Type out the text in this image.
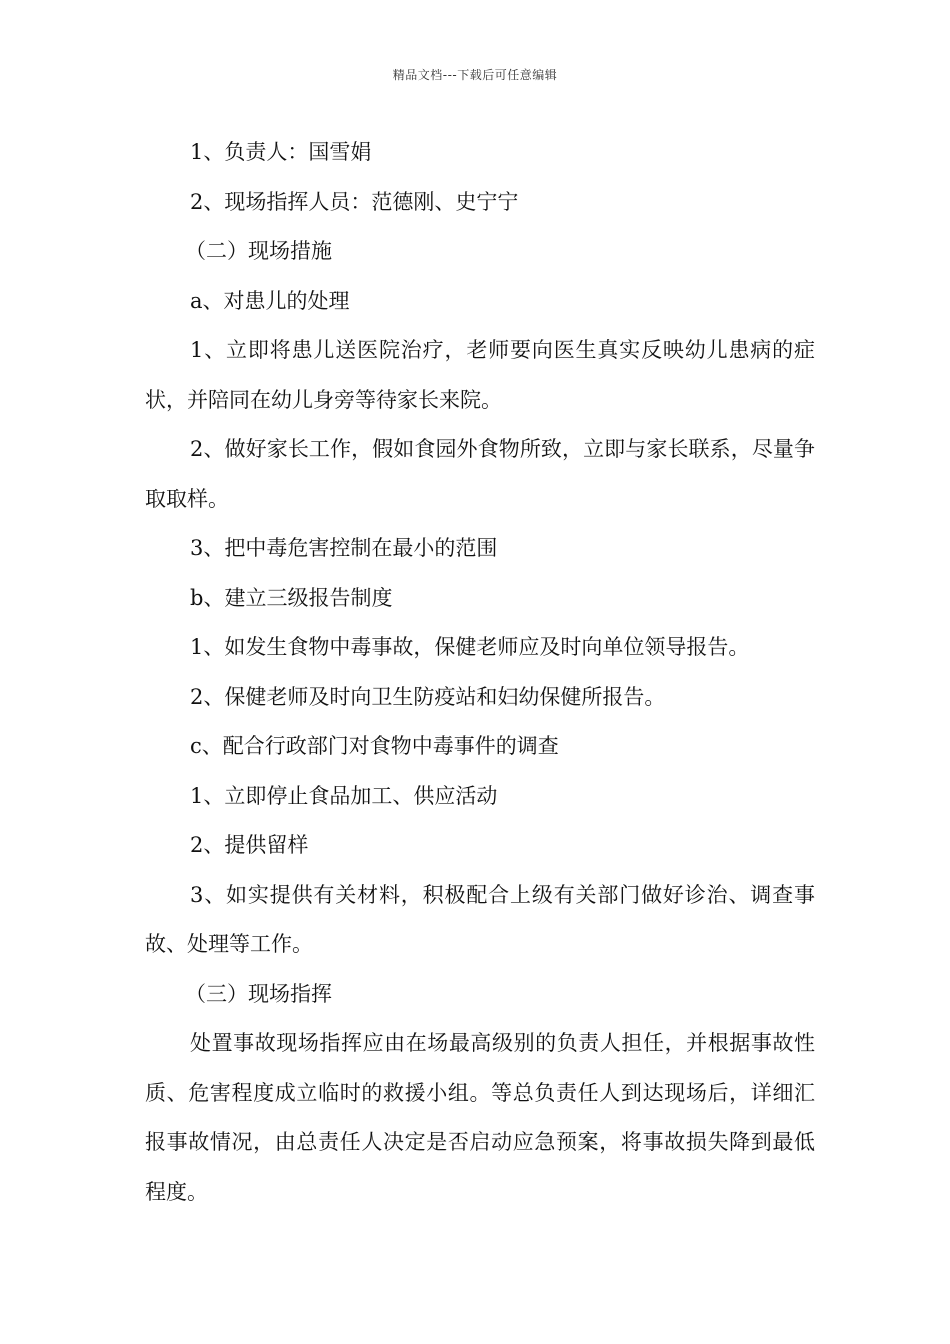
精品文档---下载后可任意编辑

1、负责人：国雪娟

2、现场指挥人员：范德刚、史宁宁

（二）现场措施

a、对患儿的处理

1、立即将患儿送医院治疗，老师要向医生真实反映幼儿患病的症状，并陪同在幼儿身旁等待家长来院。

2、做好家长工作，假如食园外食物所致，立即与家长联系，尽量争取取样。

3、把中毒危害控制在最小的范围

b、建立三级报告制度

1、如发生食物中毒事故，保健老师应及时向单位领导报告。

2、保健老师及时向卫生防疫站和妇幼保健所报告。

c、配合行政部门对食物中毒事件的调查

1、立即停止食品加工、供应活动

2、提供留样

3、如实提供有关材料，积极配合上级有关部门做好诊治、调查事故、处理等工作。

（三）现场指挥

处置事故现场指挥应由在场最高级别的负责人担任，并根据事故性质、危害程度成立临时的救援小组。等总负责任人到达现场后，详细汇报事故情况，由总责任人决定是否启动应急预案，将事故损失降到最低程度。
